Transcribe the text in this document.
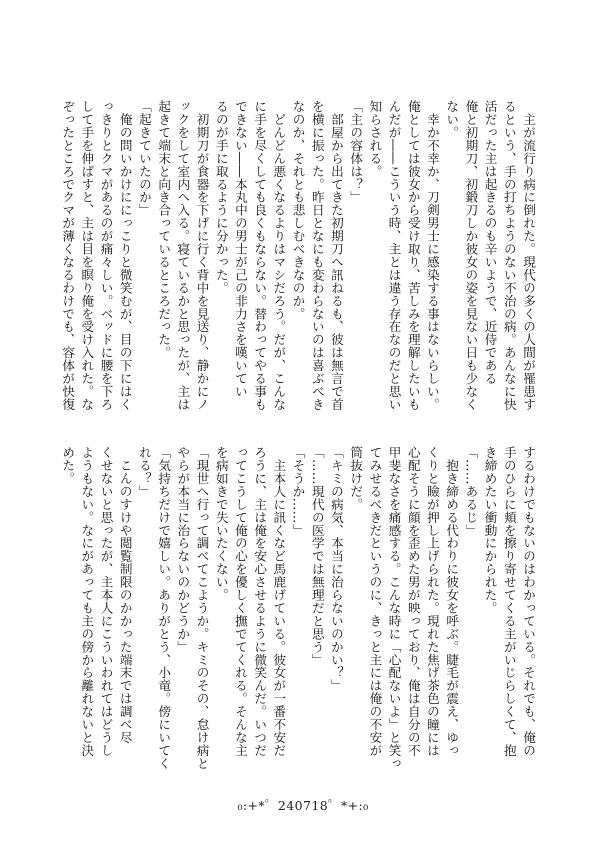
　主が流行り病に倒れた。現代の多くの人間が罹患す
るという、手の打ちようのない不治の病。あんなに快
活だった主は起きるのも辛いようで、近侍である
俺と初期刀、初鍛刀しか彼女の姿を見ない日も少なく
ない。
　幸か不幸か、刀剣男士に感染する事はないらしい。
俺としては彼女から受け取り、苦しみを理解したいも
んだが――こういう時、主とは違う存在なのだと思い
知らされる。
「主の容体は？」
　部屋から出てきた初期刀へ訊ねるも、彼は無言で首
を横に振った。昨日となにも変わらないのは喜ぶべき
なのか、それとも悲しむべきなのか。
　どんどん悪くなるよりはマシだろう。だが、こんな
に手を尽くしても良くもならない。替わってやる事も
できない――本丸中の男士が己の非力さを嘆いてい
るのが手に取るように分かった。
　初期刀が食器を下げに行く背中を見送り、静かにノ
ックをして室内へ入る。寝ているかと思ったが、主は
起きて端末と向き合っているところだった。
「起きていたのか」
　俺の問いかけににっこりと微笑むが、目の下にはく
っきりとクマがあるのが痛々しい。ベッドに腰を下ろ
して手を伸ばすと、主は目を瞑り俺を受け入れた。な
ぞったところでクマが薄くなるわけでも、容体が快復
するわけでもないのはわかっている。それでも、俺の
手のひらに頬を擦り寄せてくる主がいじらしくて、抱
き締めたい衝動にかられた。
「……あるじ」
　抱き締める代わりに彼女を呼ぶ。睫毛が震え、ゆっ
くりと瞼が押し上げられた。現れた焦げ茶色の瞳には
心配そうに顔を歪めた男が映っており、俺は自分の不
甲斐なさを痛感する。こんな時に「心配ないよ」と笑っ
てみせるべきだというのに、きっと主には俺の不安が
筒抜けだ。
「キミの病気、本当に治らないのかい？」
「……現代の医学では無理だと思う」
「そうか……」
　主本人に訊くなど馬鹿げている。彼女が一番不安だ
ろうに、主は俺を安心させるように微笑んだ。いつだ
ってこうして俺の心を優しく撫でてくれる。そんな主
を病如きで失いたくない。
「現世へ行って調べてこようか。キミのその、怠け病と
やらが本当に治らないのかどうか」
「気持ちだけで嬉しい。ありがとう、小竜。傍にいてく
れる？」
　こんのすけや閲覧制限のかかった端末では調べ尽
くせないと思ったが、主本人にこういわれてはどうし
ようもない。なにがあっても主の傍から離れないと決
めた。
₀:+*゜240718゜*+:₀
